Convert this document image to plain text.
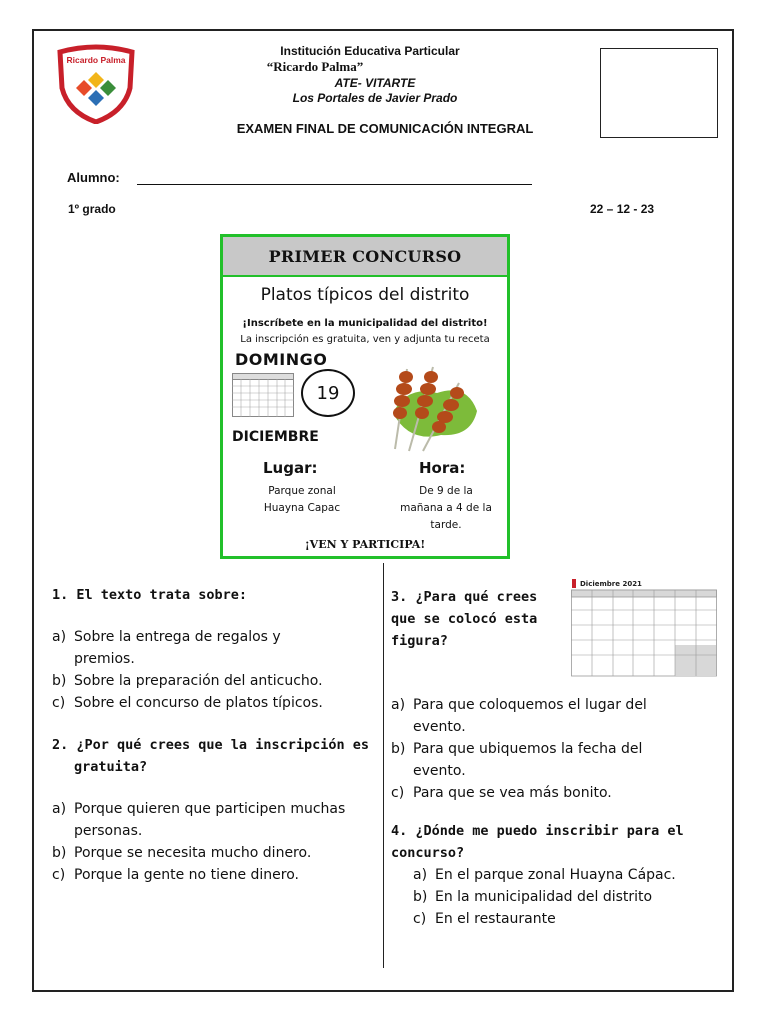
Ricardo Palma
Institución Educativa Particular
“Ricardo Palma”
ATE- VITARTE
Los Portales de Javier Prado
EXAMEN FINAL DE COMUNICACIÓN INTEGRAL
Alumno:
1º grado	22 – 12 - 23
PRIMER CONCURSO
Platos típicos del distrito
¡Inscríbete en la municipalidad del distrito!
La inscripción es gratuita, ven y adjunta tu receta
DOMINGO
19
DICIEMBRE
Lugar:	Hora:
Parque zonal
Huayna Capac
De 9 de la
mañana a 4 de la
tarde.
¡VEN Y PARTICIPA!
1. El texto trata sobre:
a) Sobre la entrega de regalos y
premios.
b) Sobre la preparación del anticucho.
c) Sobre el concurso de platos típicos.
2. ¿Por qué crees que la inscripción es
gratuita?
a) Porque quieren que participen muchas
personas.
b) Porque se necesita mucho dinero.
c) Porque la gente no tiene dinero.
3. ¿Para qué crees
que se colocó esta
figura?
Diciembre 2021
a) Para que coloquemos el lugar del
evento.
b) Para que ubiquemos la fecha del
evento.
c) Para que se vea más bonito.
4. ¿Dónde me puedo inscribir para el
concurso?
a) En el parque zonal Huayna Cápac.
b) En la municipalidad del distrito
c) En el restaurante
